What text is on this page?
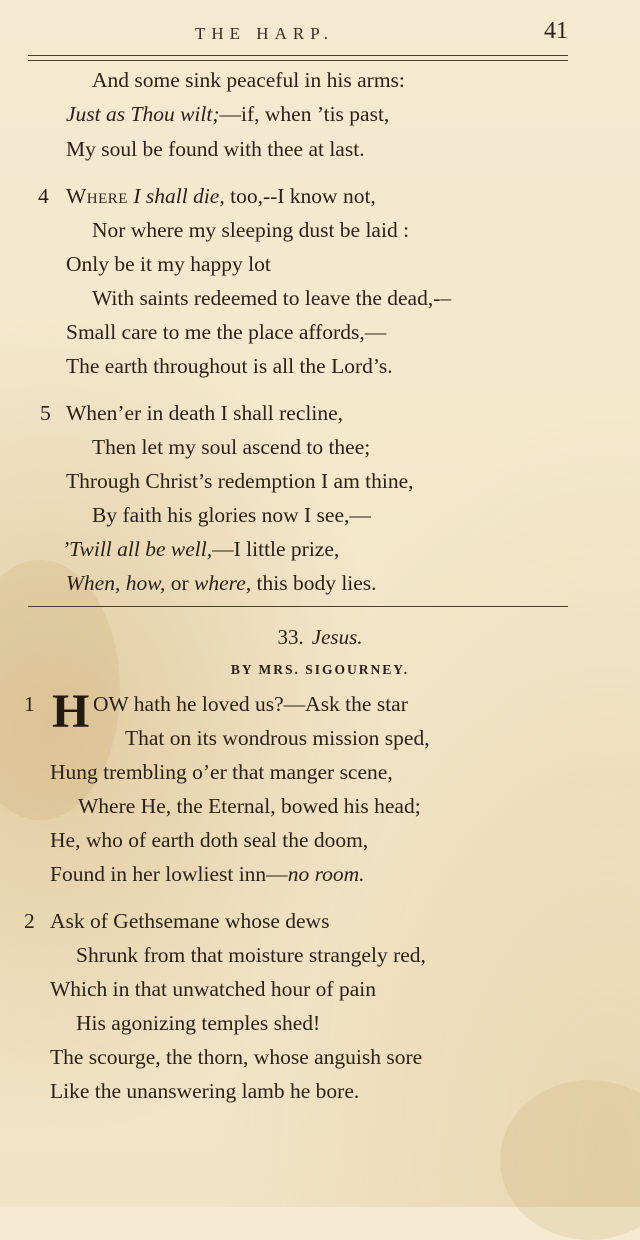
THE HARP.	41
And some sink peaceful in his arms:
Just as Thou wilt;—if, when ’tis past,
My soul be found with thee at last.
4 Where I shall die, too,--I know not,
Nor where my sleeping dust be laid :
Only be it my happy lot
With saints redeemed to leave the dead,-–
Small care to me the place affords,—
The earth throughout is all the Lord’s.
5 When’er in death I shall recline,
Then let my soul ascend to thee;
Through Christ’s redemption I am thine,
By faith his glories now I see,—
’Twill all be well,—I little prize,
When, how, or where, this body lies.
33. Jesus.
BY MRS. SIGOURNEY.
1 H OW hath he loved us?—Ask the star
That on its wondrous mission sped,
Hung trembling o’er that manger scene,
Where He, the Eternal, bowed his head;
He, who of earth doth seal the doom,
Found in her lowliest inn—no room.
2 Ask of Gethsemane whose dews
Shrunk from that moisture strangely red,
Which in that unwatched hour of pain
His agonizing temples shed!
The scourge, the thorn, whose anguish sore
Like the unanswering lamb he bore.
